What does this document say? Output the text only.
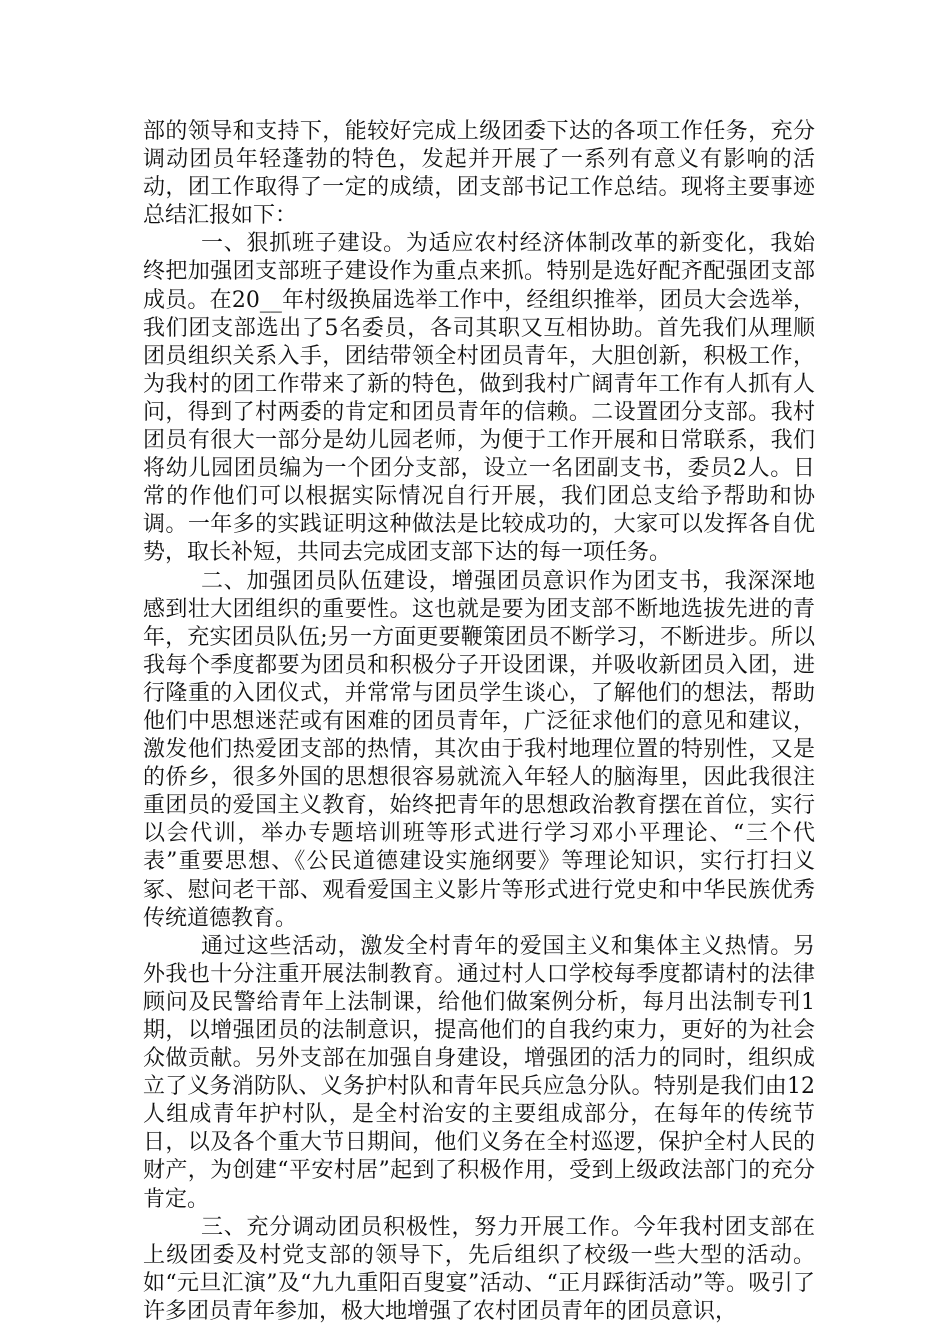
部的领导和支持下，能较好完成上级团委下达的各项工作任务，充分调动团员年轻蓬勃的特色，发起并开展了一系列有意义有影响的活动，团工作取得了一定的成绩，团支部书记工作总结。现将主要事迹总结汇报如下：

一、狠抓班子建设。为适应农村经济体制改革的新变化，我始终把加强团支部班子建设作为重点来抓。特别是选好配齐配强团支部成员。在20__年村级换届选举工作中，经组织推举，团员大会选举，我们团支部选出了5名委员，各司其职又互相协助。首先我们从理顺团员组织关系入手，团结带领全村团员青年，大胆创新，积极工作，为我村的团工作带来了新的特色，做到我村广阔青年工作有人抓有人问，得到了村两委的肯定和团员青年的信赖。二设置团分支部。我村团员有很大一部分是幼儿园老师，为便于工作开展和日常联系，我们将幼儿园团员编为一个团分支部，设立一名团副支书，委员2人。日常的作他们可以根据实际情况自行开展，我们团总支给予帮助和协调。一年多的实践证明这种做法是比较成功的，大家可以发挥各自优势，取长补短，共同去完成团支部下达的每一项任务。

二、加强团员队伍建设，增强团员意识作为团支书，我深深地感到壮大团组织的重要性。这也就是要为团支部不断地选拔先进的青年，充实团员队伍;另一方面更要鞭策团员不断学习，不断进步。所以我每个季度都要为团员和积极分子开设团课，并吸收新团员入团，进行隆重的入团仪式，并常常与团员学生谈心，了解他们的想法，帮助他们中思想迷茫或有困难的团员青年，广泛征求他们的意见和建议，激发他们热爱团支部的热情，其次由于我村地理位置的特别性，又是的侨乡，很多外国的思想很容易就流入年轻人的脑海里，因此我很注重团员的爱国主义教育，始终把青年的思想政治教育摆在首位，实行以会代训，举办专题培训班等形式进行学习邓小平理论、“三个代表”重要思想、《公民道德建设实施纲要》等理论知识，实行打扫义冢、慰问老干部、观看爱国主义影片等形式进行党史和中华民族优秀传统道德教育。

通过这些活动，激发全村青年的爱国主义和集体主义热情。另外我也十分注重开展法制教育。通过村人口学校每季度都请村的法律顾问及民警给青年上法制课，给他们做案例分析，每月出法制专刊1期，以增强团员的法制意识，提高他们的自我约束力，更好的为社会众做贡献。另外支部在加强自身建设，增强团的活力的同时，组织成立了义务消防队、义务护村队和青年民兵应急分队。特别是我们由12人组成青年护村队，是全村治安的主要组成部分，在每年的传统节日，以及各个重大节日期间，他们义务在全村巡逻，保护全村人民的财产，为创建“平安村居”起到了积极作用，受到上级政法部门的充分肯定。

三、充分调动团员积极性，努力开展工作。今年我村团支部在上级团委及村党支部的领导下，先后组织了校级一些大型的活动。如“元旦汇演”及“九九重阳百叟宴”活动、“正月踩街活动”等。吸引了许多团员青年参加，极大地增强了农村团员青年的团员意识，
